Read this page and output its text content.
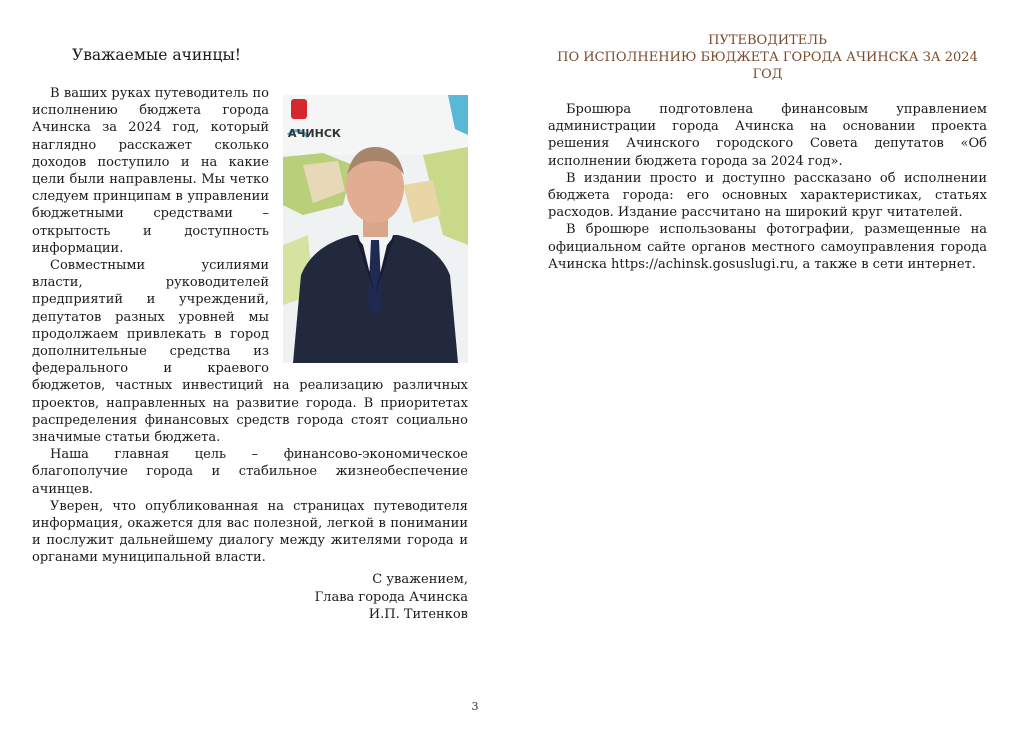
Уважаемые ачинцы!
АЧИНСК

В ваших руках путеводитель по исполнению бюджета города Ачинска за 2024 год, который наглядно расскажет сколько доходов поступило и на какие цели были направлены. Мы четко следуем принципам в управлении бюджетными средствами – открытость и доступность информации.

Совместными усилиями власти, руководителей предприятий и учреждений, депутатов разных уровней мы продолжаем привлекать в город дополнительные средства из федерального и краевого бюджетов, частных инвестиций на реализацию различных проектов, направленных на развитие города. В приоритетах распределения финансовых средств города стоят социально значимые статьи бюджета.

Наша главная цель – финансово-экономическое благополучие города и стабильное жизнеобеспечение ачинцев.

Уверен, что опубликованная на страницах путеводителя информация, окажется для вас полезной, легкой в понимании и послужит дальнейшему диалогу между жителями города и органами муниципальной власти.

С уважением,
Глава города Ачинска
И.П. Титенков
ПУТЕВОДИТЕЛЬ
ПО ИСПОЛНЕНИЮ БЮДЖЕТА ГОРОДА АЧИНСКА ЗА 2024 ГОД

Брошюра подготовлена финансовым управлением администрации города Ачинска на основании проекта решения Ачинского городского Совета депутатов «Об исполнении бюджета города за 2024 год».

В издании просто и доступно рассказано об исполнении бюджета города: его основных характеристиках, статьях расходов. Издание рассчитано на широкий круг читателей.

В брошюре использованы фотографии, размещенные на официальном сайте органов местного самоуправления города Ачинска https://achinsk.gosuslugi.ru, а также в сети интернет.

3
